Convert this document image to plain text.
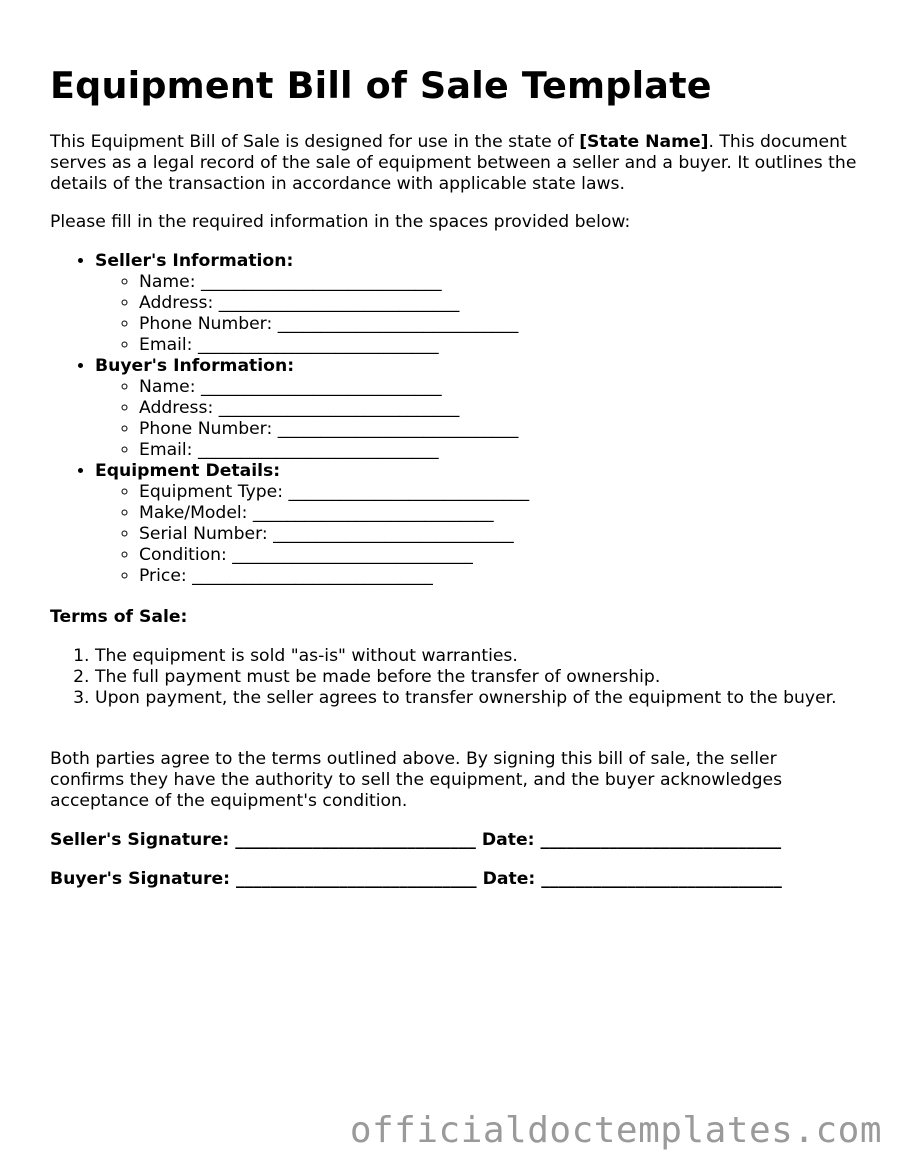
Equipment Bill of Sale Template

This Equipment Bill of Sale is designed for use in the state of [State Name]. This document serves as a legal record of the sale of equipment between a seller and a buyer. It outlines the details of the transaction in accordance with applicable state laws.

Please fill in the required information in the spaces provided below:

• Seller's Information:
◦ Name: ____________________________
◦ Address: ____________________________
◦ Phone Number: ____________________________
◦ Email: ____________________________
• Buyer's Information:
◦ Name: ____________________________
◦ Address: ____________________________
◦ Phone Number: ____________________________
◦ Email: ____________________________
• Equipment Details:
◦ Equipment Type: ____________________________
◦ Make/Model: ____________________________
◦ Serial Number: ____________________________
◦ Condition: ____________________________
◦ Price: ____________________________

Terms of Sale:

1. The equipment is sold "as-is" without warranties.
2. The full payment must be made before the transfer of ownership.
3. Upon payment, the seller agrees to transfer ownership of the equipment to the buyer.

Both parties agree to the terms outlined above. By signing this bill of sale, the seller confirms they have the authority to sell the equipment, and the buyer acknowledges acceptance of the equipment's condition.

Seller's Signature: ____________________________ Date: ____________________________

Buyer's Signature: ____________________________ Date: ____________________________

officialdoctemplates.com
